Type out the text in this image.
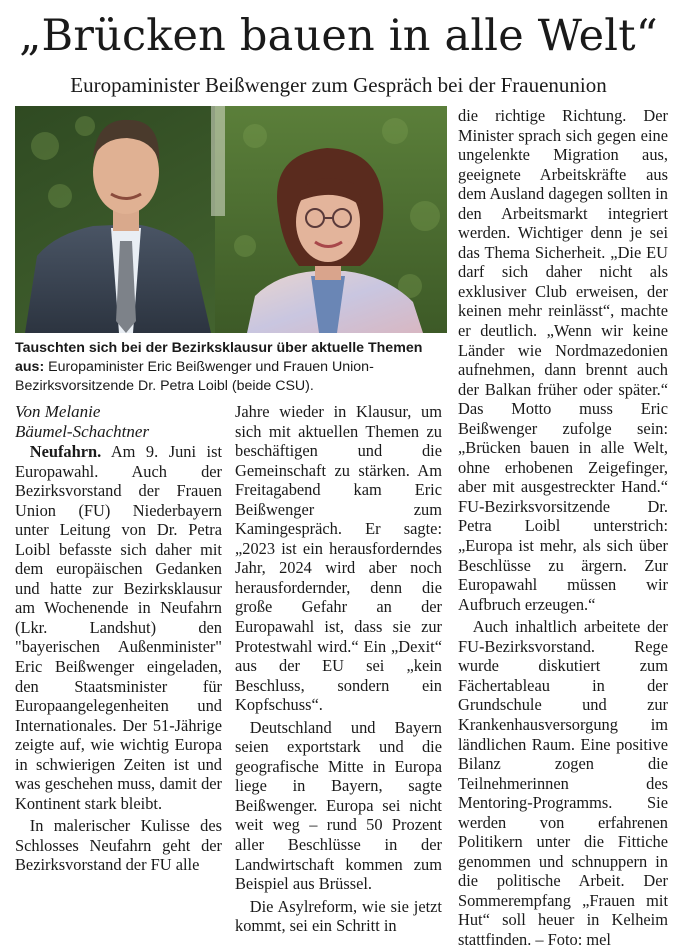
„Brücken bauen in alle Welt“
Europaminister Beißwenger zum Gespräch bei der Frauenunion

Tauschten sich bei der Bezirksklausur über aktuelle Themen aus: Europaminister Eric Beißwenger und Frauen Union-Bezirksvorsitzende Dr. Petra Loibl (beide CSU).

Von Melanie
Bäumel-Schachtner

Neufahrn. Am 9. Juni ist Europawahl. Auch der Bezirksvorstand der Frauen Union (FU) Niederbayern unter Leitung von Dr. Petra Loibl befasste sich daher mit dem europäischen Gedanken und hatte zur Bezirksklausur am Wochenende in Neufahrn (Lkr. Landshut) den "bayerischen Außenminister" Eric Beißwenger eingeladen, den Staatsminister für Europaangelegenheiten und Internationales. Der 51-Jährige zeigte auf, wie wichtig Europa in schwierigen Zeiten ist und was geschehen muss, damit der Kontinent stark bleibt.

In malerischer Kulisse des Schlosses Neufahrn geht der Bezirksvorstand der FU alle

Jahre wieder in Klausur, um sich mit aktuellen Themen zu beschäftigen und die Gemeinschaft zu stärken. Am Freitagabend kam Eric Beißwenger zum Kamingespräch. Er sagte: „2023 ist ein herausforderndes Jahr, 2024 wird aber noch herausfordernder, denn die große Gefahr an der Europawahl ist, dass sie zur Protestwahl wird.“ Ein „Dexit“ aus der EU sei „kein Beschluss, sondern ein Kopfschuss“.

Deutschland und Bayern seien exportstark und die geografische Mitte in Europa liege in Bayern, sagte Beißwenger. Europa sei nicht weit weg – rund 50 Prozent aller Beschlüsse in der Landwirtschaft kommen zum Beispiel aus Brüssel.

Die Asylreform, wie sie jetzt kommt, sei ein Schritt in

die richtige Richtung. Der Minister sprach sich gegen eine ungelenkte Migration aus, geeignete Arbeitskräfte aus dem Ausland dagegen sollten in den Arbeitsmarkt integriert werden. Wichtiger denn je sei das Thema Sicherheit. „Die EU darf sich daher nicht als exklusiver Club erweisen, der keinen mehr reinlässt“, machte er deutlich. „Wenn wir keine Länder wie Nordmazedonien aufnehmen, dann brennt auch der Balkan früher oder später.“ Das Motto muss Eric Beißwenger zufolge sein: „Brücken bauen in alle Welt, ohne erhobenen Zeigefinger, aber mit ausgestreckter Hand.“ FU-Bezirksvorsitzende Dr. Petra Loibl unterstrich: „Europa ist mehr, als sich über Beschlüsse zu ärgern. Zur Europawahl müssen wir Aufbruch erzeugen.“

Auch inhaltlich arbeitete der FU-Bezirksvorstand. Rege wurde diskutiert zum Fächertableau in der Grundschule und zur Krankenhausversorgung im ländlichen Raum. Eine positive Bilanz zogen die Teilnehmerinnen des Mentoring-Programms. Sie werden von erfahrenen Politikern unter die Fittiche genommen und schnuppern in die politische Arbeit. Der Sommerempfang „Frauen mit Hut“ soll heuer in Kelheim stattfinden. – Foto: mel
